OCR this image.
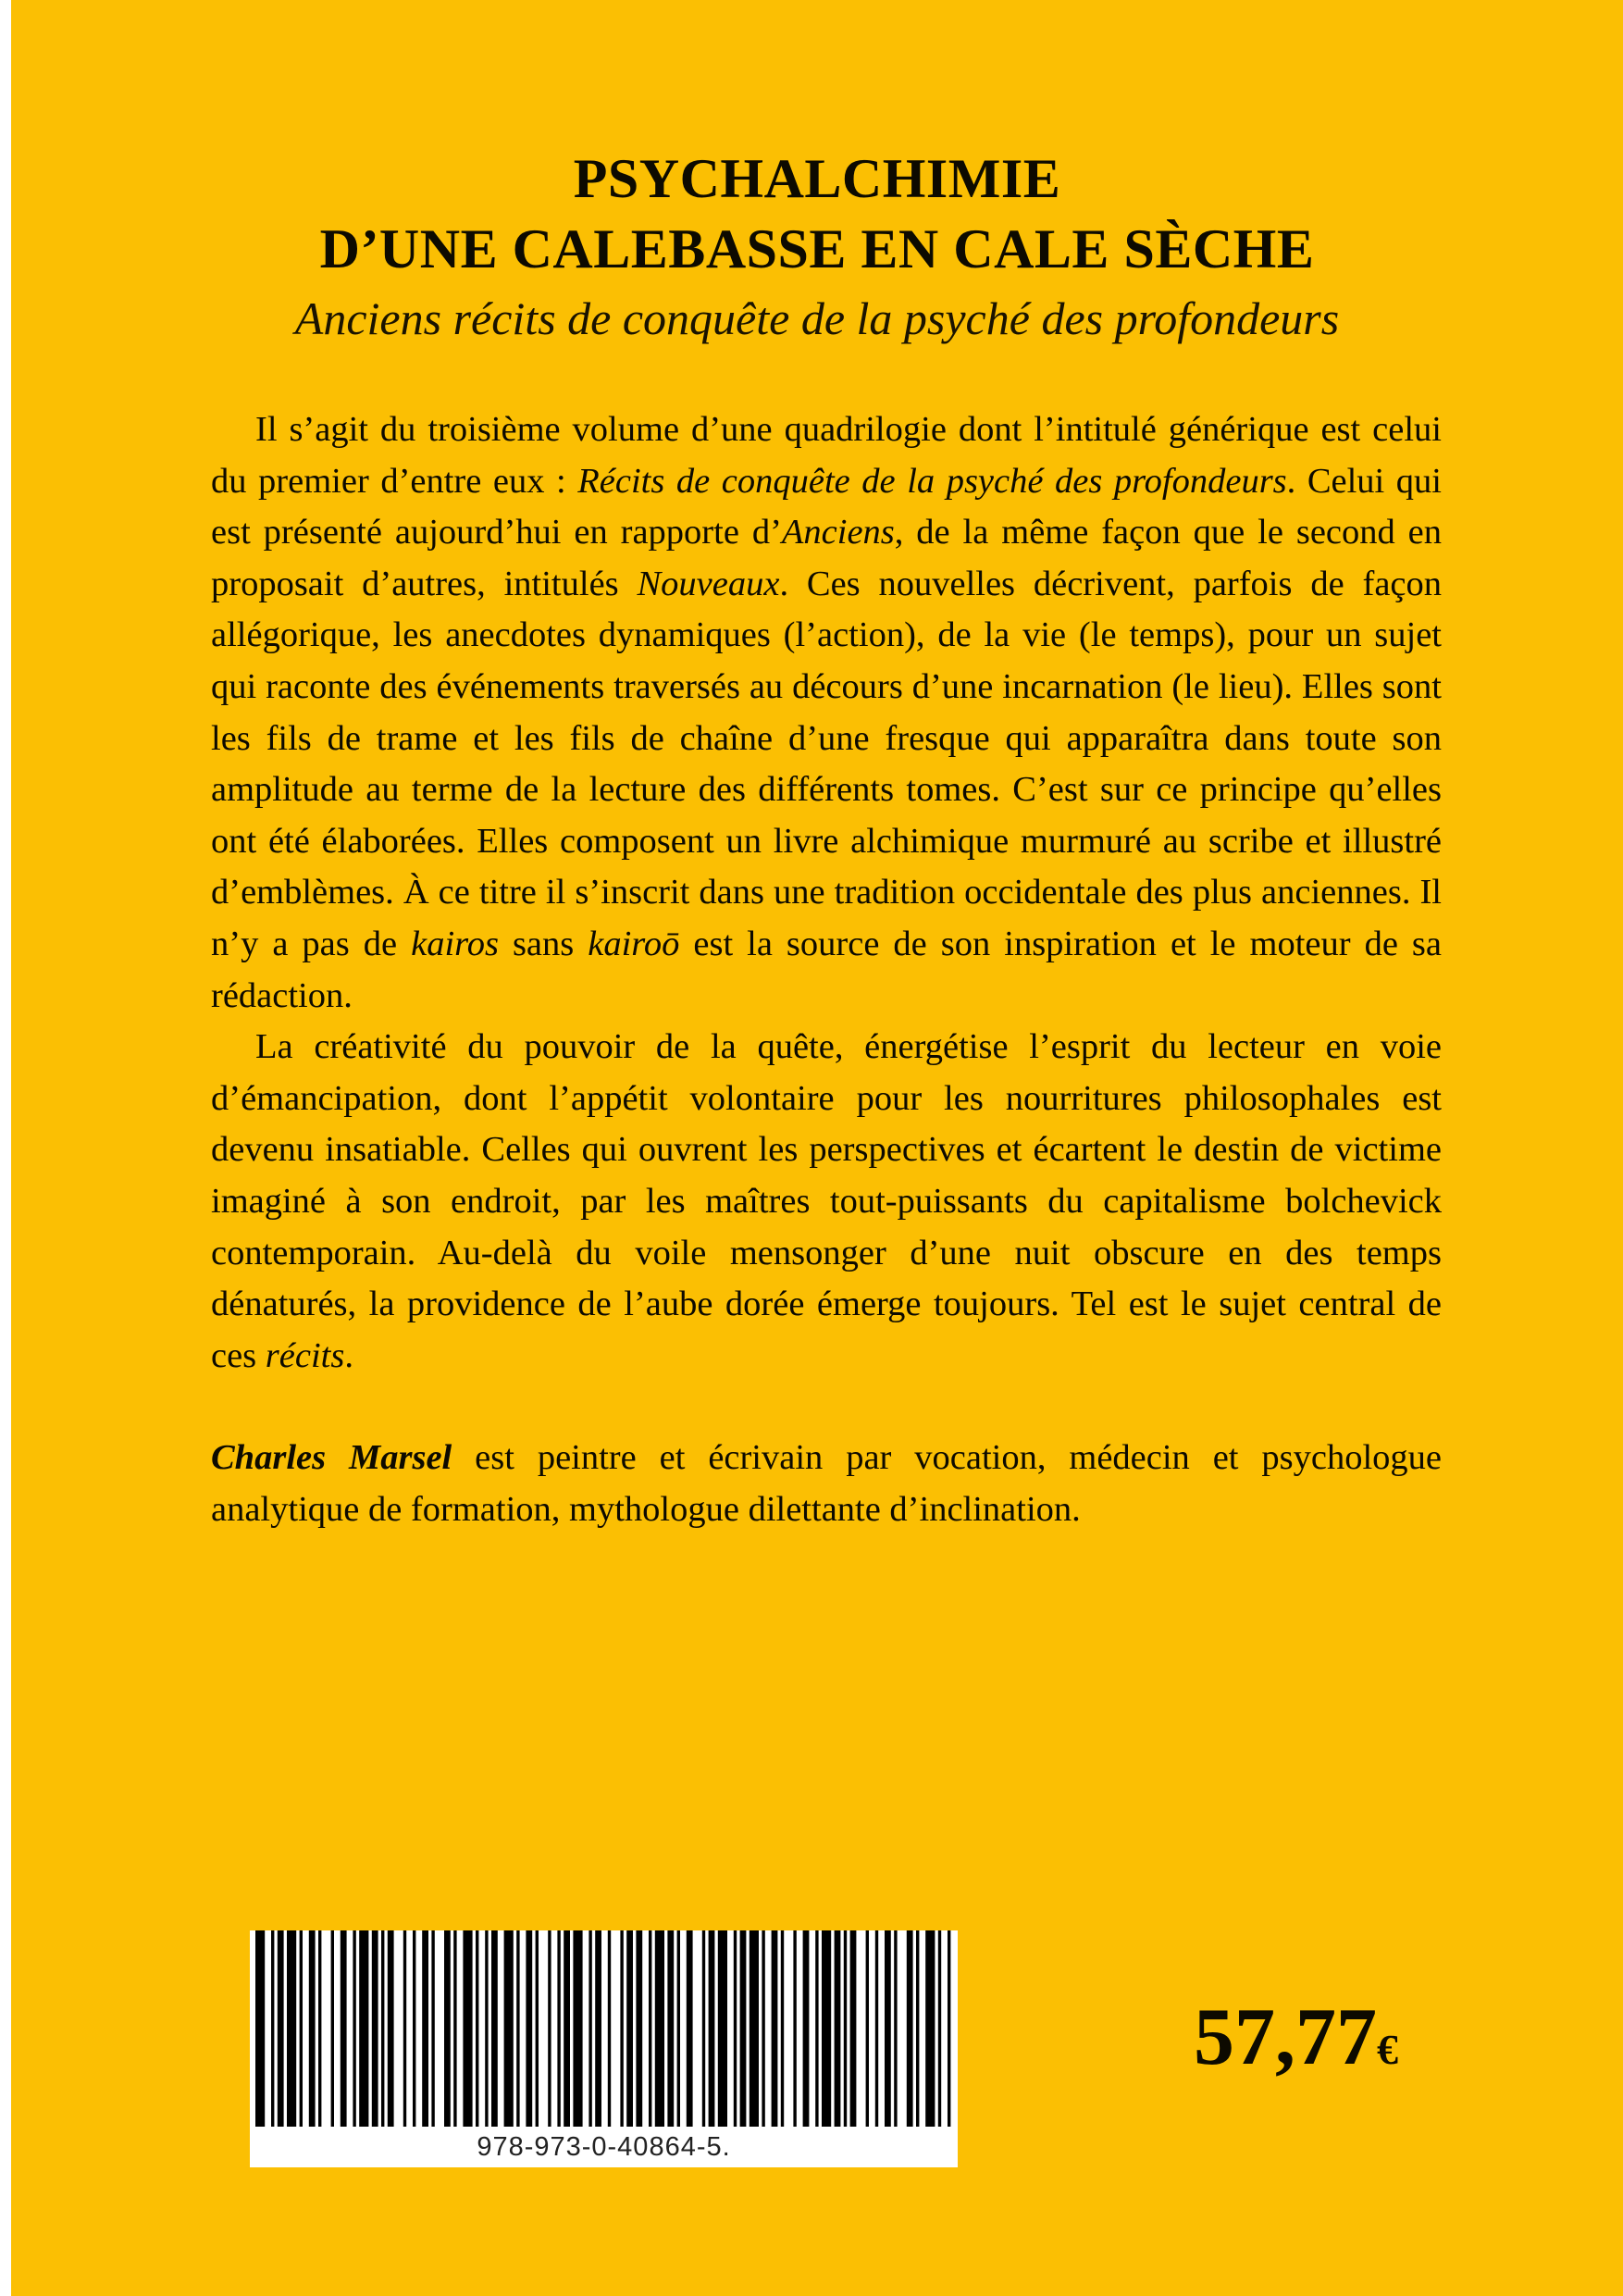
PSYCHALCHIMIE
D’UNE CALEBASSE EN CALE SÈCHE
Anciens récits de conquête de la psyché des profondeurs

Il s’agit du troisième volume d’une quadrilogie dont l’intitulé générique est celui du premier d’entre eux : Récits de conquête de la psyché des profondeurs. Celui qui est présenté aujourd’hui en rapporte d’Anciens, de la même façon que le second en proposait d’autres, intitulés Nouveaux. Ces nouvelles décrivent, parfois de façon allégorique, les anecdotes dynamiques (l’action), de la vie (le temps), pour un sujet qui raconte des événements traversés au décours d’une incarnation (le lieu). Elles sont les fils de trame et les fils de chaîne d’une fresque qui apparaîtra dans toute son amplitude au terme de la lecture des différents tomes. C’est sur ce principe qu’elles ont été élaborées. Elles composent un livre alchimique murmuré au scribe et illustré d’emblèmes. À ce titre il s’inscrit dans une tradition occidentale des plus anciennes. Il n’y a pas de kairos sans kairoō est la source de son inspiration et le moteur de sa rédaction.

La créativité du pouvoir de la quête, énergétise l’esprit du lecteur en voie d’émancipation, dont l’appétit volontaire pour les nourritures philosophales est devenu insatiable. Celles qui ouvrent les perspectives et écartent le destin de victime imaginé à son endroit, par les maîtres tout-puissants du capitalisme bolchevick contemporain. Au-delà du voile mensonger d’une nuit obscure en des temps dénaturés, la providence de l’aube dorée émerge toujours. Tel est le sujet central de ces récits.

Charles Marsel est peintre et écrivain par vocation, médecin et psychologue analytique de formation, mythologue dilettante d’inclination.

978-973-0-40864-5.
57,77€
